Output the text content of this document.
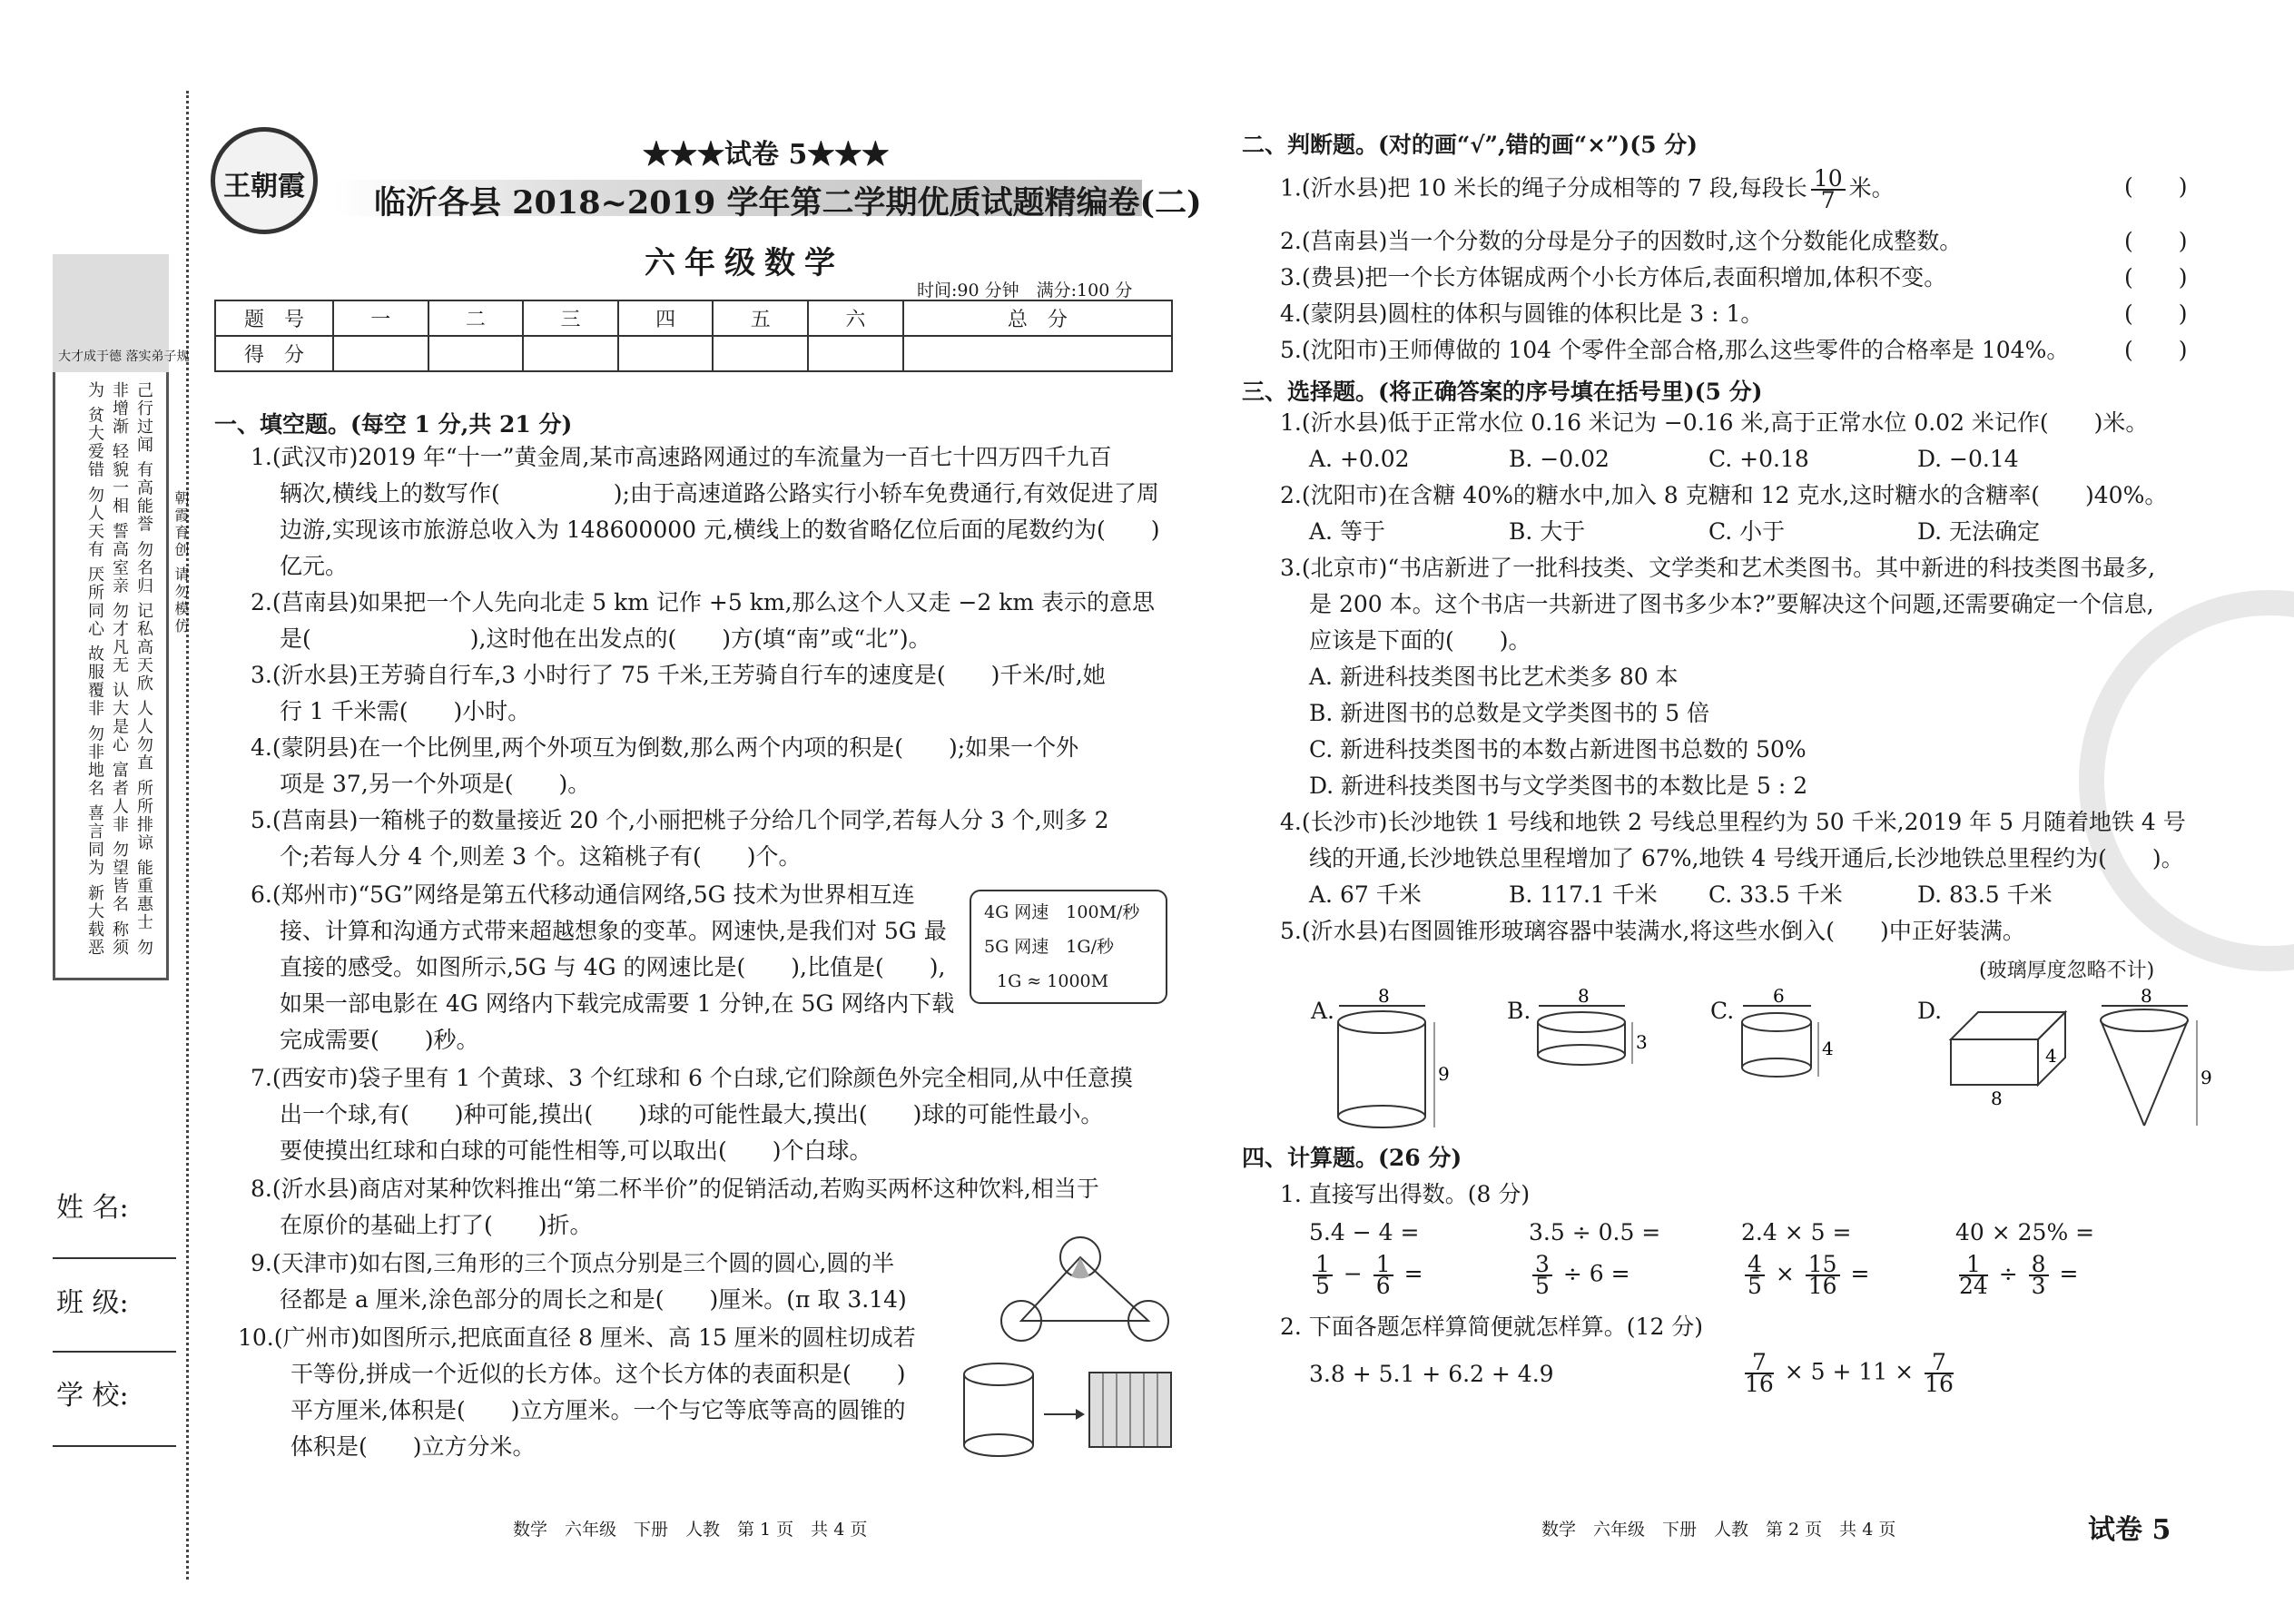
大才成于德 落实弟子规
己行过闻 有高能誉 勿名归 记私高天欣 人人勿直 所所排谅 能重惠士 勿非增渐 轻貌一相 誓高室亲 勿才凡无 认大是心 富者人非 勿望皆名 称须为 贫大爱错 勿人天有 厌所同心 故服覆非 勿非地名 喜言同为 新大载恶	朝霞育创 请勿模仿
姓 名:
班 级:
学 校:
王朝霞
★★★试卷 5★★★
临沂各县 2018~2019 学年第二学期优质试题精编卷(二)
六年级数学
时间:90 分钟　满分:100 分
题　号	一	二	三	四	五	六	总　分
得　分							
一、填空题。(每空 1 分,共 21 分)
1.(武汉市)2019 年“十一”黄金周,某市高速路网通过的车流量为一百七十四万四千九百
辆次,横线上的数写作(　　　　　);由于高速道路公路实行小轿车免费通行,有效促进了周
边游,实现该市旅游总收入为 148600000 元,横线上的数省略亿位后面的尾数约为(　　)
亿元。
2.(莒南县)如果把一个人先向北走 5 km 记作 +5 km,那么这个人又走 −2 km 表示的意思
是(　　　　　　　),这时他在出发点的(　　)方(填“南”或“北”)。
3.(沂水县)王芳骑自行车,3 小时行了 75 千米,王芳骑自行车的速度是(　　)千米/时,她
行 1 千米需(　　)小时。
4.(蒙阴县)在一个比例里,两个外项互为倒数,那么两个内项的积是(　　);如果一个外
项是 37,另一个外项是(　　)。
5.(莒南县)一箱桃子的数量接近 20 个,小丽把桃子分给几个同学,若每人分 3 个,则多 2
个;若每人分 4 个,则差 3 个。这箱桃子有(　　)个。
6.(郑州市)“5G”网络是第五代移动通信网络,5G 技术为世界相互连
接、计算和沟通方式带来超越想象的变革。网速快,是我们对 5G 最
直接的感受。如图所示,5G 与 4G 的网速比是(　　),比值是(　　),
如果一部电影在 4G 网络内下载完成需要 1 分钟,在 5G 网络内下载
完成需要(　　)秒。
4G 网速　100M/秒
5G 网速　1G/秒
1G ≈ 1000M
7.(西安市)袋子里有 1 个黄球、3 个红球和 6 个白球,它们除颜色外完全相同,从中任意摸
出一个球,有(　　)种可能,摸出(　　)球的可能性最大,摸出(　　)球的可能性最小。
要使摸出红球和白球的可能性相等,可以取出(　　)个白球。
8.(沂水县)商店对某种饮料推出“第二杯半价”的促销活动,若购买两杯这种饮料,相当于
在原价的基础上打了(　　)折。
9.(天津市)如右图,三角形的三个顶点分别是三个圆的圆心,圆的半
径都是 a 厘米,涂色部分的周长之和是(　　)厘米。(π 取 3.14)
10.(广州市)如图所示,把底面直径 8 厘米、高 15 厘米的圆柱切成若
干等份,拼成一个近似的长方体。这个长方体的表面积是(　　)
平方厘米,体积是(　　)立方厘米。一个与它等底等高的圆锥的
体积是(　　)立方分米。
数学　六年级　下册　人教　第 1 页　共 4 页
二、判断题。(对的画“√”,错的画“×”)(5 分)
1.(沂水县)把 10 米长的绳子分成相等的 7 段,每段长 $\frac{10}{7}$ 米。	(　　)
2.(莒南县)当一个分数的分母是分子的因数时,这个分数能化成整数。	(　　)
3.(费县)把一个长方体锯成两个小长方体后,表面积增加,体积不变。	(　　)
4.(蒙阴县)圆柱的体积与圆锥的体积比是 3 : 1。	(　　)
5.(沈阳市)王师傅做的 104 个零件全部合格,那么这些零件的合格率是 104%。 (　　)
三、选择题。(将正确答案的序号填在括号里)(5 分)
1.(沂水县)低于正常水位 0.16 米记为 −0.16 米,高于正常水位 0.02 米记作(　　)米。
A. +0.02	B. −0.02	C. +0.18	D. −0.14
2.(沈阳市)在含糖 40%的糖水中,加入 8 克糖和 12 克水,这时糖水的含糖率(　　)40%。
A. 等于	B. 大于	C. 小于	D. 无法确定
3.(北京市)“书店新进了一批科技类、文学类和艺术类图书。其中新进的科技类图书最多,
是 200 本。这个书店一共新进了图书多少本?”要解决这个问题,还需要确定一个信息,
应该是下面的(　　)。
A. 新进科技类图书比艺术类多 80 本
B. 新进图书的总数是文学类图书的 5 倍
C. 新进科技类图书的本数占新进图书总数的 50%
D. 新进科技类图书与文学类图书的本数比是 5 : 2
4.(长沙市)长沙地铁 1 号线和地铁 2 号线总里程约为 50 千米,2019 年 5 月随着地铁 4 号
线的开通,长沙地铁总里程增加了 67%,地铁 4 号线开通后,长沙地铁总里程约为(　　)。
A. 67 千米	B. 117.1 千米 C. 33.5 千米	D. 83.5 千米
5.(沂水县)右图圆锥形玻璃容器中装满水,将这些水倒入(　　)中正好装满。
(玻璃厚度忽略不计)
A.
8
9
B.
8
3
C.
6
4
D.
4
8
8
9
四、计算题。(26 分)
1. 直接写出得数。(8 分)
5.4 − 4 =	3.5 ÷ 0.5 =	2.4 × 5 =	40 × 25% =
$\frac{1}{5} - \frac{1}{6}$ =	$\frac{3}{5} \div 6$ =	$\frac{4}{5} \times \frac{15}{16}$ =	$\frac{1}{24} \div \frac{8}{3}$ =
2. 下面各题怎样算简便就怎样算。(12 分)
3.8 + 5.1 + 6.2 + 4.9	$\frac{7}{16} \times 5 + 11 \times \frac{7}{16}$
数学　六年级　下册　人教　第 2 页　共 4 页	试卷 5
